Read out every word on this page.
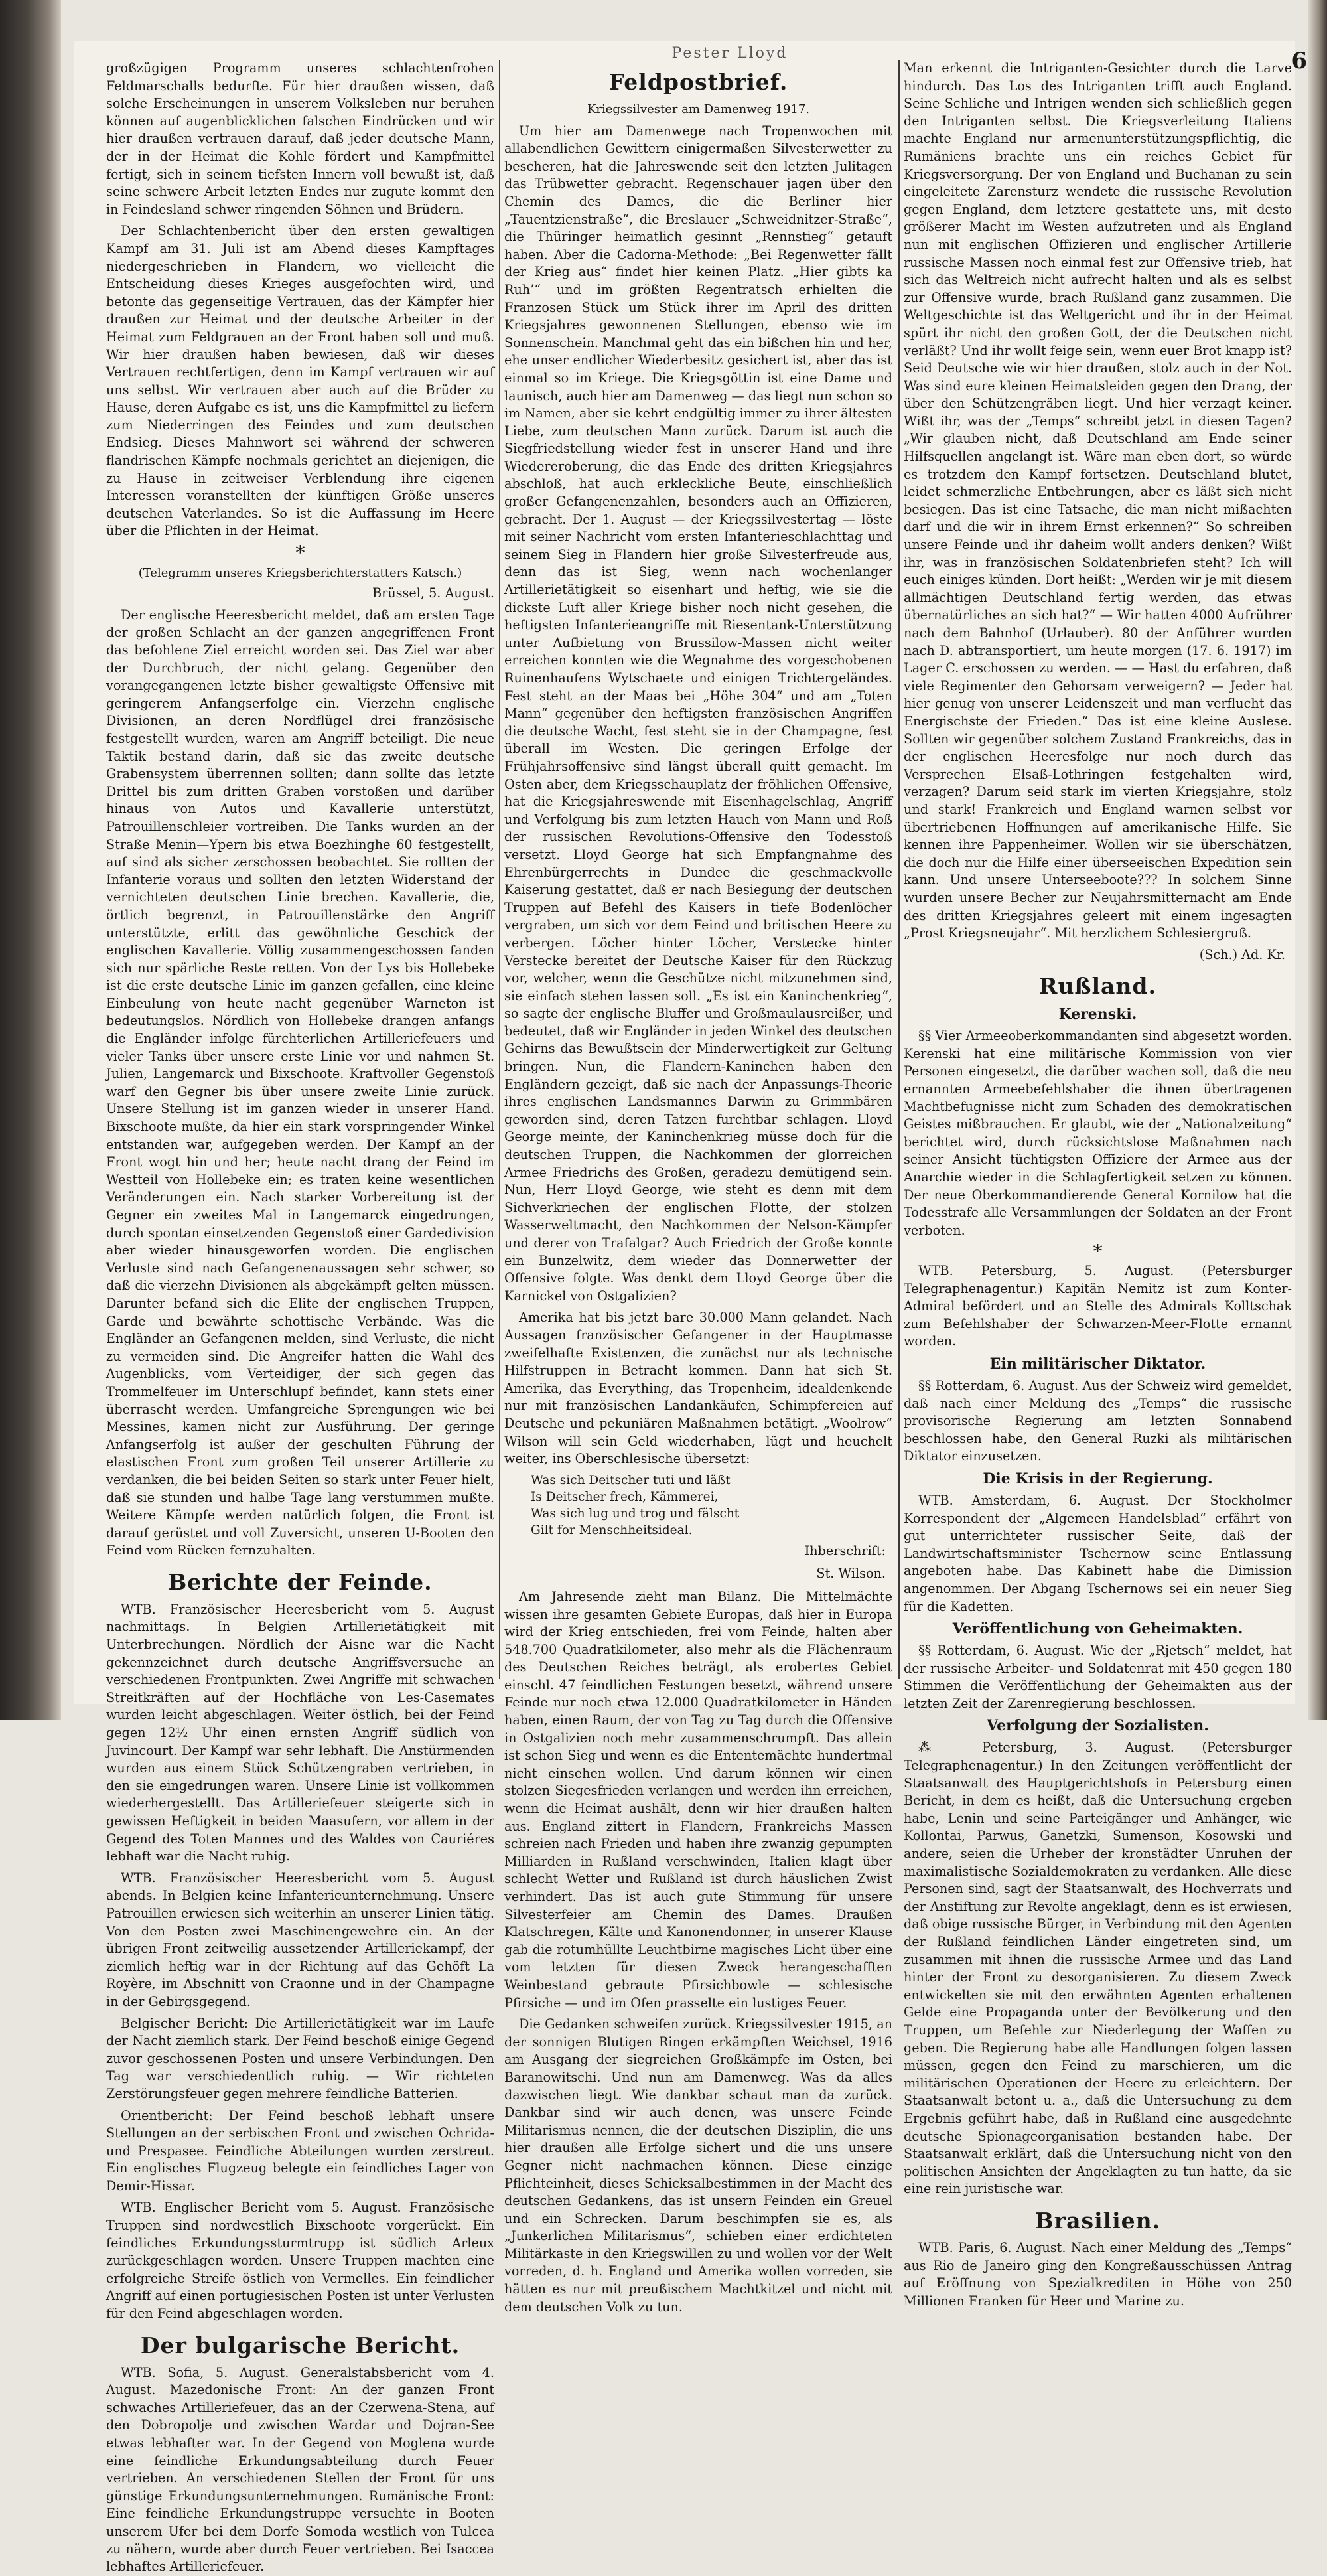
Pester Lloyd	6

großzügigen Programm unseres schlachtenfrohen Feldmarschalls bedurfte. Für hier draußen wissen, daß solche Erscheinungen in unserem Volksleben nur beruhen können auf augenblicklichen falschen Eindrücken und wir hier draußen vertrauen darauf, daß jeder deutsche Mann, der in der Heimat die Kohle fördert und Kampfmittel fertigt, sich in seinem tiefsten Innern voll bewußt ist, daß seine schwere Arbeit letzten Endes nur zugute kommt den in Feindesland schwer ringenden Söhnen und Brüdern.

Der Schlachtenbericht über den ersten gewaltigen Kampf am 31. Juli ist am Abend dieses Kampftages niedergeschrieben in Flandern, wo vielleicht die Entscheidung dieses Krieges ausgefochten wird, und betonte das gegenseitige Vertrauen, das der Kämpfer hier draußen zur Heimat und der deutsche Arbeiter in der Heimat zum Feldgrauen an der Front haben soll und muß. Wir hier draußen haben bewiesen, daß wir dieses Vertrauen rechtfertigen, denn im Kampf vertrauen wir auf uns selbst. Wir vertrauen aber auch auf die Brüder zu Hause, deren Aufgabe es ist, uns die Kampfmittel zu liefern zum Niederringen des Feindes und zum deutschen Endsieg. Dieses Mahnwort sei während der schweren flandrischen Kämpfe nochmals gerichtet an diejenigen, die zu Hause in zeitweiser Verblendung ihre eigenen Interessen voranstellten der künftigen Größe unseres deutschen Vaterlandes. So ist die Auffassung im Heere über die Pflichten in der Heimat.

*
(Telegramm unseres Kriegsberichterstatters Katsch.)
Brüssel, 5. August.

Der englische Heeresbericht meldet, daß am ersten Tage der großen Schlacht an der ganzen angegriffenen Front das befohlene Ziel erreicht worden sei. Das Ziel war aber der Durchbruch, der nicht gelang. Gegenüber den vorangegangenen letzte bisher gewaltigste Offensive mit geringerem Anfangserfolge ein. Vierzehn englische Divisionen, an deren Nordflügel drei französische festgestellt wurden, waren am Angriff beteiligt. Die neue Taktik bestand darin, daß sie das zweite deutsche Grabensystem überrennen sollten; dann sollte das letzte Drittel bis zum dritten Graben vorstoßen und darüber hinaus von Autos und Kavallerie unterstützt, Patrouillenschleier vortreiben. Die Tanks wurden an der Straße Menin—Ypern bis etwa Boezhinghe 60 festgestellt, auf sind als sicher zerschossen beobachtet. Sie rollten der Infanterie voraus und sollten den letzten Widerstand der vernichteten deutschen Linie brechen. Kavallerie, die, örtlich begrenzt, in Patrouillenstärke den Angriff unterstützte, erlitt das gewöhnliche Geschick der englischen Kavallerie. Völlig zusammengeschossen fanden sich nur spärliche Reste retten. Von der Lys bis Hollebeke ist die erste deutsche Linie im ganzen gefallen, eine kleine Einbeulung von heute nacht gegenüber Warneton ist bedeutungslos. Nördlich von Hollebeke drangen anfangs die Engländer infolge fürchterlichen Artilleriefeuers und vieler Tanks über unsere erste Linie vor und nahmen St. Julien, Langemarck und Bixschoote. Kraftvoller Gegenstoß warf den Gegner bis über unsere zweite Linie zurück. Unsere Stellung ist im ganzen wieder in unserer Hand. Bixschoote mußte, da hier ein stark vorspringender Winkel entstanden war, aufgegeben werden. Der Kampf an der Front wogt hin und her; heute nacht drang der Feind im Westteil von Hollebeke ein; es traten keine wesentlichen Veränderungen ein. Nach starker Vorbereitung ist der Gegner ein zweites Mal in Langemarck eingedrungen, durch spontan einsetzenden Gegenstoß einer Gardedivision aber wieder hinausgeworfen worden. Die englischen Verluste sind nach Gefangenenaussagen sehr schwer, so daß die vierzehn Divisionen als abgekämpft gelten müssen. Darunter befand sich die Elite der englischen Truppen, Garde und bewährte schottische Verbände. Was die Engländer an Gefangenen melden, sind Verluste, die nicht zu vermeiden sind. Die Angreifer hatten die Wahl des Augenblicks, vom Verteidiger, der sich gegen das Trommelfeuer im Unterschlupf befindet, kann stets einer überrascht werden. Umfangreiche Sprengungen wie bei Messines, kamen nicht zur Ausführung. Der geringe Anfangserfolg ist außer der geschulten Führung der elastischen Front zum großen Teil unserer Artillerie zu verdanken, die bei beiden Seiten so stark unter Feuer hielt, daß sie stunden und halbe Tage lang verstummen mußte. Weitere Kämpfe werden natürlich folgen, die Front ist darauf gerüstet und voll Zuversicht, unseren U-Booten den Feind vom Rücken fernzuhalten.

Berichte der Feinde.

WTB. Französischer Heeresbericht vom 5. August nachmittags. In Belgien Artillerietätigkeit mit Unterbrechungen. Nördlich der Aisne war die Nacht gekennzeichnet durch deutsche Angriffsversuche an verschiedenen Frontpunkten. Zwei Angriffe mit schwachen Streitkräften auf der Hochfläche von Les-Casemates wurden leicht abgeschlagen. Weiter östlich, bei der Feind gegen 12½ Uhr einen ernsten Angriff südlich von Juvincourt. Der Kampf war sehr lebhaft. Die Anstürmenden wurden aus einem Stück Schützengraben vertrieben, in den sie eingedrungen waren. Unsere Linie ist vollkommen wiederhergestellt. Das Artilleriefeuer steigerte sich in gewissen Heftigkeit in beiden Maasufern, vor allem in der Gegend des Toten Mannes und des Waldes von Cauriéres lebhaft war die Nacht ruhig.

WTB. Französischer Heeresbericht vom 5. August abends. In Belgien keine Infanterieunternehmung. Unsere Patrouillen erwiesen sich weiterhin an unserer Linien tätig. Von den Posten zwei Maschinengewehre ein. An der übrigen Front zeitweilig aussetzender Artilleriekampf, der ziemlich heftig war in der Richtung auf das Gehöft La Royère, im Abschnitt von Craonne und in der Champagne in der Gebirgsgegend.

Belgischer Bericht: Die Artillerietätigkeit war im Laufe der Nacht ziemlich stark. Der Feind beschoß einige Gegend zuvor geschossenen Posten und unsere Verbindungen. Den Tag war verschiedentlich ruhig. — Wir richteten Zerstörungsfeuer gegen mehrere feindliche Batterien.

Orientbericht: Der Feind beschoß lebhaft unsere Stellungen an der serbischen Front und zwischen Ochrida- und Prespasee. Feindliche Abteilungen wurden zerstreut. Ein englisches Flugzeug belegte ein feindliches Lager von Demir-Hissar.

WTB. Englischer Bericht vom 5. August. Französische Truppen sind nordwestlich Bixschoote vorgerückt. Ein feindliches Erkundungssturmtrupp ist südlich Arleux zurückgeschlagen worden. Unsere Truppen machten eine erfolgreiche Streife östlich von Vermelles. Ein feindlicher Angriff auf einen portugiesischen Posten ist unter Verlusten für den Feind abgeschlagen worden.

Der bulgarische Bericht.

WTB. Sofia, 5. August. Generalstabsbericht vom 4. August. Mazedonische Front: An der ganzen Front schwaches Artilleriefeuer, das an der Czerwena-Stena, auf den Dobropolje und zwischen Wardar und Dojran-See etwas lebhafter war. In der Gegend von Moglena wurde eine feindliche Erkundungsabteilung durch Feuer vertrieben. An verschiedenen Stellen der Front für uns günstige Erkundungsunternehmungen. Rumänische Front: Eine feindliche Erkundungstruppe versuchte in Booten unserem Ufer bei dem Dorfe Somoda westlich von Tulcea zu nähern, wurde aber durch Feuer vertrieben. Bei Isaccea lebhaftes Artilleriefeuer.

Feldpostbrief.
Kriegssilvester am Damenweg 1917.

Um hier am Damenwege nach Tropenwochen mit allabendlichen Gewittern einigermaßen Silvesterwetter zu bescheren, hat die Jahreswende seit den letzten Julitagen das Trübwetter gebracht. Regenschauer jagen über den Chemin des Dames, die die Berliner hier „Tauentzienstraße“, die Breslauer „Schweidnitzer-Straße“, die Thüringer heimatlich gesinnt „Rennstieg“ getauft haben. Aber die Cadorna-Methode: „Bei Regenwetter fällt der Krieg aus“ findet hier keinen Platz. „Hier gibts ka Ruh’“ und im größten Regentratsch erhielten die Franzosen Stück um Stück ihrer im April des dritten Kriegsjahres gewonnenen Stellungen, ebenso wie im Sonnenschein. Manchmal geht das ein bißchen hin und her, ehe unser endlicher Wiederbesitz gesichert ist, aber das ist einmal so im Kriege. Die Kriegsgöttin ist eine Dame und launisch, auch hier am Damenweg — das liegt nun schon so im Namen, aber sie kehrt endgültig immer zu ihrer ältesten Liebe, zum deutschen Mann zurück. Darum ist auch die Siegfriedstellung wieder fest in unserer Hand und ihre Wiedereroberung, die das Ende des dritten Kriegsjahres abschloß, hat auch erkleckliche Beute, einschließlich großer Gefangenenzahlen, besonders auch an Offizieren, gebracht. Der 1. August — der Kriegssilvestertag — löste mit seiner Nachricht vom ersten Infanterieschlachttag und seinem Sieg in Flandern hier große Silvesterfreude aus, denn das ist Sieg, wenn nach wochenlanger Artillerietätigkeit so eisenhart und heftig, wie sie die dickste Luft aller Kriege bisher noch nicht gesehen, die heftigsten Infanterieangriffe mit Riesentank-Unterstützung unter Aufbietung von Brussilow-Massen nicht weiter erreichen konnten wie die Wegnahme des vorgeschobenen Ruinenhaufens Wytschaete und einigen Trichtergeländes. Fest steht an der Maas bei „Höhe 304“ und am „Toten Mann“ gegenüber den heftigsten französischen Angriffen die deutsche Wacht, fest steht sie in der Champagne, fest überall im Westen. Die geringen Erfolge der Frühjahrsoffensive sind längst überall quitt gemacht. Im Osten aber, dem Kriegsschauplatz der fröhlichen Offensive, hat die Kriegsjahreswende mit Eisenhagelschlag, Angriff und Verfolgung bis zum letzten Hauch von Mann und Roß der russischen Revolutions-Offensive den Todesstoß versetzt. Lloyd George hat sich Empfangnahme des Ehrenbürgerrechts in Dundee die geschmackvolle Kaiserung gestattet, daß er nach Besiegung der deutschen Truppen auf Befehl des Kaisers in tiefe Bodenlöcher vergraben, um sich vor dem Feind und britischen Heere zu verbergen. Löcher hinter Löcher, Verstecke hinter Verstecke bereitet der Deutsche Kaiser für den Rückzug vor, welcher, wenn die Geschütze nicht mitzunehmen sind, sie einfach stehen lassen soll. „Es ist ein Kaninchenkrieg“, so sagte der englische Bluffer und Großmaulausreißer, und bedeutet, daß wir Engländer in jeden Winkel des deutschen Gehirns das Bewußtsein der Minderwertigkeit zur Geltung bringen. Nun, die Flandern-Kaninchen haben den Engländern gezeigt, daß sie nach der Anpassungs-Theorie ihres englischen Landsmannes Darwin zu Grimmbären geworden sind, deren Tatzen furchtbar schlagen. Lloyd George meinte, der Kaninchenkrieg müsse doch für die deutschen Truppen, die Nachkommen der glorreichen Armee Friedrichs des Großen, geradezu demütigend sein. Nun, Herr Lloyd George, wie steht es denn mit dem Sichverkriechen der englischen Flotte, der stolzen Wasserweltmacht, den Nachkommen der Nelson-Kämpfer und derer von Trafalgar? Auch Friedrich der Große konnte ein Bunzelwitz, dem wieder das Donnerwetter der Offensive folgte. Was denkt dem Lloyd George über die Karnickel von Ostgalizien?

Amerika hat bis jetzt bare 30.000 Mann gelandet. Nach Aussagen französischer Gefangener in der Hauptmasse zweifelhafte Existenzen, die zunächst nur als technische Hilfstruppen in Betracht kommen. Dann hat sich St. Amerika, das Everything, das Tropenheim, idealdenkende nur mit französischen Landankäufen, Schimpfereien auf Deutsche und pekuniären Maßnahmen betätigt. „Woolrow“ Wilson will sein Geld wiederhaben, lügt und heuchelt weiter, ins Oberschlesische übersetzt:

Was sich Deitscher tuti und läßt
Is Deitscher frech, Kämmerei,
Was sich lug und trog und fälscht
Gilt for Menschheitsideal.
Ihberschrift:
St. Wilson.

Am Jahresende zieht man Bilanz. Die Mittelmächte wissen ihre gesamten Gebiete Europas, daß hier in Europa wird der Krieg entschieden, frei vom Feinde, halten aber 548.700 Quadratkilometer, also mehr als die Flächenraum des Deutschen Reiches beträgt, als erobertes Gebiet einschl. 47 feindlichen Festungen besetzt, während unsere Feinde nur noch etwa 12.000 Quadratkilometer in Händen haben, einen Raum, der von Tag zu Tag durch die Offensive in Ostgalizien noch mehr zusammenschrumpft. Das allein ist schon Sieg und wenn es die Ententemächte hundertmal nicht einsehen wollen. Und darum können wir einen stolzen Siegesfrieden verlangen und werden ihn erreichen, wenn die Heimat aushält, denn wir hier draußen halten aus. England zittert in Flandern, Frankreichs Massen schreien nach Frieden und haben ihre zwanzig gepumpten Milliarden in Rußland verschwinden, Italien klagt über schlecht Wetter und Rußland ist durch häuslichen Zwist verhindert. Das ist auch gute Stimmung für unsere Silvesterfeier am Chemin des Dames. Draußen Klatschregen, Kälte und Kanonendonner, in unserer Klause gab die rotumhüllte Leuchtbirne magisches Licht über eine vom letzten für diesen Zweck herangeschafften Weinbestand gebraute Pfirsichbowle — schlesische Pfirsiche — und im Ofen prasselte ein lustiges Feuer.

Die Gedanken schweifen zurück. Kriegssilvester 1915, an der sonnigen Blutigen Ringen erkämpften Weichsel, 1916 am Ausgang der siegreichen Großkämpfe im Osten, bei Baranowitschi. Und nun am Damenweg. Was da alles dazwischen liegt. Wie dankbar schaut man da zurück. Dankbar sind wir auch denen, was unsere Feinde Militarismus nennen, die der deutschen Disziplin, die uns hier draußen alle Erfolge sichert und die uns unsere Gegner nicht nachmachen können. Diese einzige Pflichteinheit, dieses Schicksalbestimmen in der Macht des deutschen Gedankens, das ist unsern Feinden ein Greuel und ein Schrecken. Darum beschimpfen sie es, als „Junkerlichen Militarismus“, schieben einer erdichteten Militärkaste in den Kriegswillen zu und wollen vor der Welt vorreden, d. h. England und Amerika wollen vorreden, sie hätten es nur mit preußischem Machtkitzel und nicht mit dem deutschen Volk zu tun.

Man erkennt die Intriganten-Gesichter durch die Larve hindurch. Das Los des Intriganten trifft auch England. Seine Schliche und Intrigen wenden sich schließlich gegen den Intriganten selbst. Die Kriegsverleitung Italiens machte England nur armenunterstützungspflichtig, die Rumäniens brachte uns ein reiches Gebiet für Kriegsversorgung. Der von England und Buchanan zu sein eingeleitete Zarensturz wendete die russische Revolution gegen England, dem letztere gestattete uns, mit desto größerer Macht im Westen aufzutreten und als England nun mit englischen Offizieren und englischer Artillerie russische Massen noch einmal fest zur Offensive trieb, hat sich das Weltreich nicht aufrecht halten und als es selbst zur Offensive wurde, brach Rußland ganz zusammen. Die Weltgeschichte ist das Weltgericht und ihr in der Heimat spürt ihr nicht den großen Gott, der die Deutschen nicht verläßt? Und ihr wollt feige sein, wenn euer Brot knapp ist? Seid Deutsche wie wir hier draußen, stolz auch in der Not. Was sind eure kleinen Heimatsleiden gegen den Drang, der über den Schützengräben liegt. Und hier verzagt keiner. Wißt ihr, was der „Temps“ schreibt jetzt in diesen Tagen? „Wir glauben nicht, daß Deutschland am Ende seiner Hilfsquellen angelangt ist. Wäre man eben dort, so würde es trotzdem den Kampf fortsetzen. Deutschland blutet, leidet schmerzliche Entbehrungen, aber es läßt sich nicht besiegen. Das ist eine Tatsache, die man nicht mißachten darf und die wir in ihrem Ernst erkennen?“ So schreiben unsere Feinde und ihr daheim wollt anders denken? Wißt ihr, was in französischen Soldatenbriefen steht? Ich will euch einiges künden. Dort heißt: „Werden wir je mit diesem allmächtigen Deutschland fertig werden, das etwas übernatürliches an sich hat?“ — Wir hatten 4000 Aufrührer nach dem Bahnhof (Urlauber). 80 der Anführer wurden nach D. abtransportiert, um heute morgen (17. 6. 1917) im Lager C. erschossen zu werden. — — Hast du erfahren, daß viele Regimenter den Gehorsam verweigern? — Jeder hat hier genug von unserer Leidenszeit und man verflucht das Energischste der Frieden.“ Das ist eine kleine Auslese. Sollten wir gegenüber solchem Zustand Frankreichs, das in der englischen Heeresfolge nur noch durch das Versprechen Elsaß-Lothringen festgehalten wird, verzagen? Darum seid stark im vierten Kriegsjahre, stolz und stark! Frankreich und England warnen selbst vor übertriebenen Hoffnungen auf amerikanische Hilfe. Sie kennen ihre Pappenheimer. Wollen wir sie überschätzen, die doch nur die Hilfe einer überseeischen Expedition sein kann. Und unsere Unterseeboote??? In solchem Sinne wurden unsere Becher zur Neujahrsmitternacht am Ende des dritten Kriegsjahres geleert mit einem ingesagten „Prost Kriegsneujahr“. Mit herzlichem Schlesiergruß.

(Sch.) Ad. Kr.
Rußland.
Kerenski.

§§ Vier Armeeoberkommandanten sind abgesetzt worden. Kerenski hat eine militärische Kommission von vier Personen eingesetzt, die darüber wachen soll, daß die neu ernannten Armeebefehlshaber die ihnen übertragenen Machtbefugnisse nicht zum Schaden des demokratischen Geistes mißbrauchen. Er glaubt, wie der „Nationalzeitung“ berichtet wird, durch rücksichtslose Maßnahmen nach seiner Ansicht tüchtigsten Offiziere der Armee aus der Anarchie wieder in die Schlagfertigkeit setzen zu können. Der neue Oberkommandierende General Kornilow hat die Todesstrafe alle Versammlungen der Soldaten an der Front verboten.

*

WTB. Petersburg, 5. August. (Petersburger Telegraphenagentur.) Kapitän Nemitz ist zum Konter-Admiral befördert und an Stelle des Admirals Kolltschak zum Befehlshaber der Schwarzen-Meer-Flotte ernannt worden.

Ein militärischer Diktator.

§§ Rotterdam, 6. August. Aus der Schweiz wird gemeldet, daß nach einer Meldung des „Temps“ die russische provisorische Regierung am letzten Sonnabend beschlossen habe, den General Ruzki als militärischen Diktator einzusetzen.

Die Krisis in der Regierung.

WTB. Amsterdam, 6. August. Der Stockholmer Korrespondent der „Algemeen Handelsblad“ erfährt von gut unterrichteter russischer Seite, daß der Landwirtschaftsminister Tschernow seine Entlassung angeboten habe. Das Kabinett habe die Dimission angenommen. Der Abgang Tschernows sei ein neuer Sieg für die Kadetten.

Veröffentlichung von Geheimakten.

§§ Rotterdam, 6. August. Wie der „Rjetsch“ meldet, hat der russische Arbeiter- und Soldatenrat mit 450 gegen 180 Stimmen die Veröffentlichung der Geheimakten aus der letzten Zeit der Zarenregierung beschlossen.

Verfolgung der Sozialisten.

⁂ Petersburg, 3. August. (Petersburger Telegraphenagentur.) In den Zeitungen veröffentlicht der Staatsanwalt des Hauptgerichtshofs in Petersburg einen Bericht, in dem es heißt, daß die Untersuchung ergeben habe, Lenin und seine Parteigänger und Anhänger, wie Kollontai, Parwus, Ganetzki, Sumenson, Kosowski und andere, seien die Urheber der kronstädter Unruhen der maximalistische Sozialdemokraten zu verdanken. Alle diese Personen sind, sagt der Staatsanwalt, des Hochverrats und der Anstiftung zur Revolte angeklagt, denn es ist erwiesen, daß obige russische Bürger, in Verbindung mit den Agenten der Rußland feindlichen Länder eingetreten sind, um zusammen mit ihnen die russische Armee und das Land hinter der Front zu desorganisieren. Zu diesem Zweck entwickelten sie mit den erwähnten Agenten erhaltenen Gelde eine Propaganda unter der Bevölkerung und den Truppen, um Befehle zur Niederlegung der Waffen zu geben. Die Regierung habe alle Handlungen folgen lassen müssen, gegen den Feind zu marschieren, um die militärischen Operationen der Heere zu erleichtern. Der Staatsanwalt betont u. a., daß die Untersuchung zu dem Ergebnis geführt habe, daß in Rußland eine ausgedehnte deutsche Spionageorganisation bestanden habe. Der Staatsanwalt erklärt, daß die Untersuchung nicht von den politischen Ansichten der Angeklagten zu tun hatte, da sie eine rein juristische war.

Brasilien.

WTB. Paris, 6. August. Nach einer Meldung des „Temps“ aus Rio de Janeiro ging den Kongreßausschüssen Antrag auf Eröffnung von Spezialkrediten in Höhe von 250 Millionen Franken für Heer und Marine zu.
